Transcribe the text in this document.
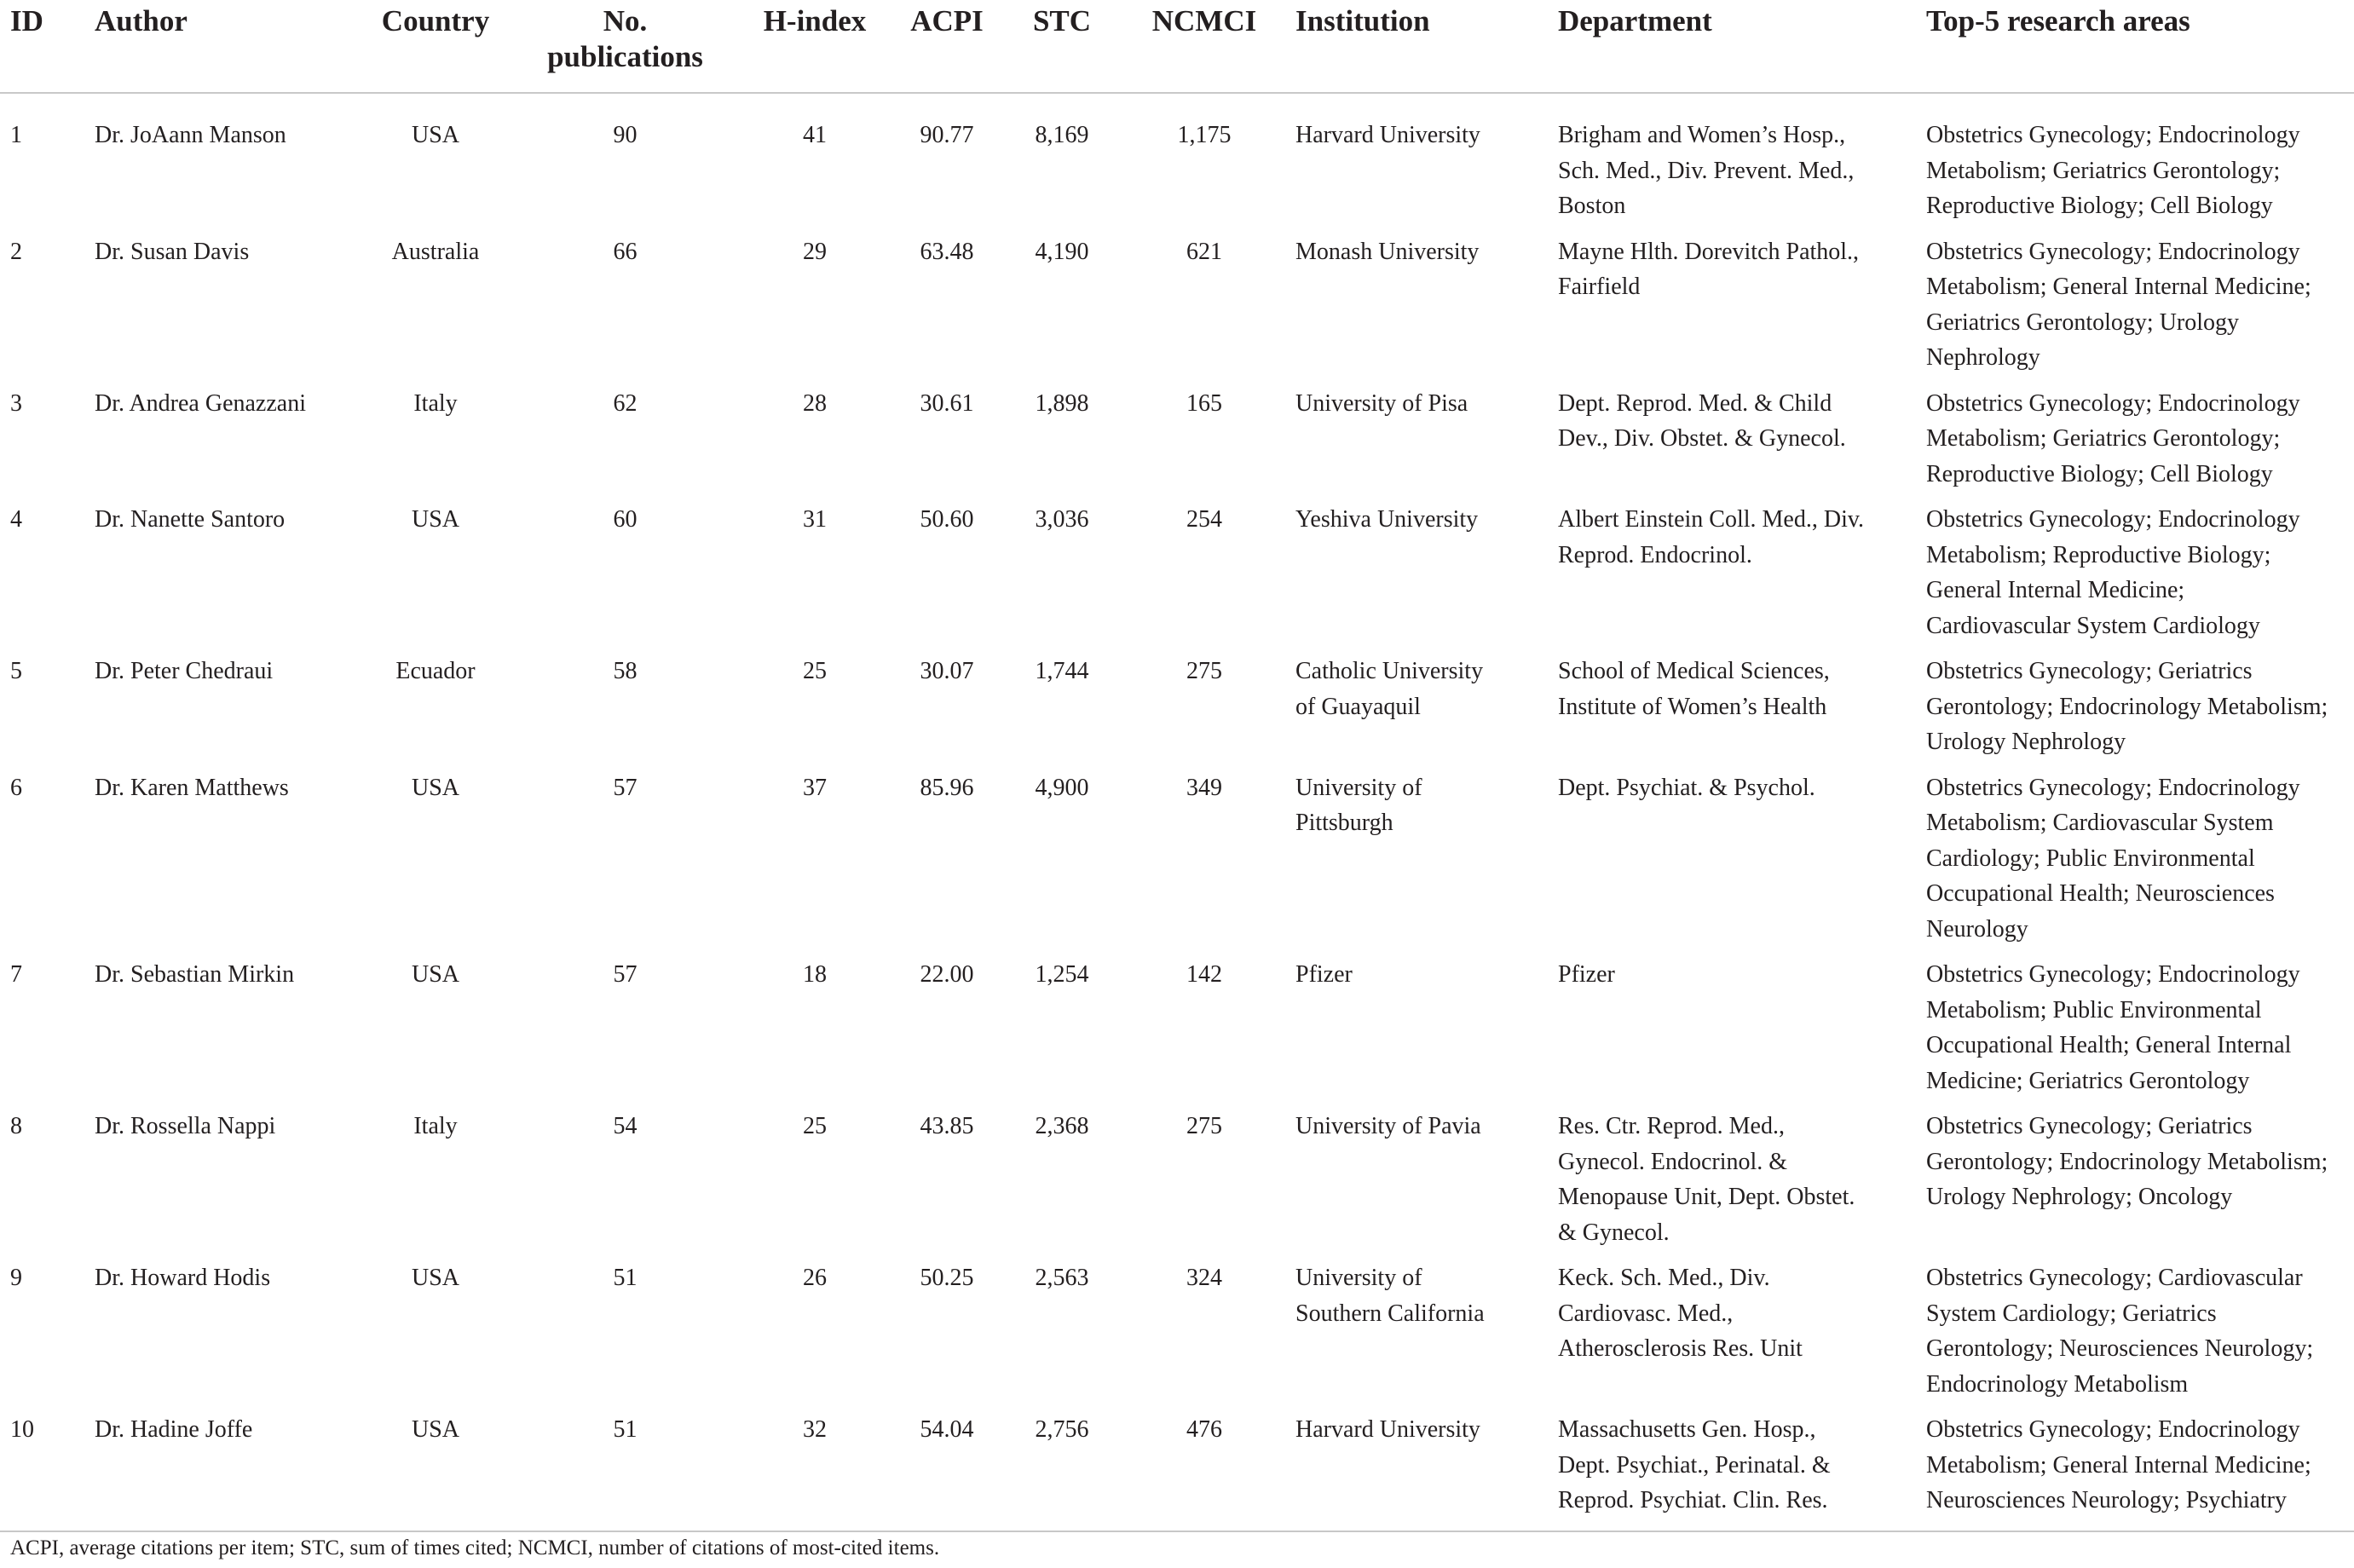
ID	Author	Country	No.
publications	H-index	ACPI	STC	NCMCI	Institution	Department	Top-5 research areas
1	Dr. JoAann Manson	USA	90	41	90.77	8,169	1,175	Harvard University	Brigham and Women’s Hosp.,
Sch. Med., Div. Prevent. Med.,
Boston	Obstetrics Gynecology; Endocrinology
Metabolism; Geriatrics Gerontology;
Reproductive Biology; Cell Biology

2	Dr. Susan Davis	Australia	66	29	63.48	4,190	621	Monash University	Mayne Hlth. Dorevitch Pathol.,
Fairfield	Obstetrics Gynecology; Endocrinology
Metabolism; General Internal Medicine;
Geriatrics Gerontology; Urology
Nephrology

3	Dr. Andrea Genazzani	Italy	62	28	30.61	1,898	165	University of Pisa	Dept. Reprod. Med. & Child
Dev., Div. Obstet. & Gynecol.	Obstetrics Gynecology; Endocrinology
Metabolism; Geriatrics Gerontology;
Reproductive Biology; Cell Biology

4	Dr. Nanette Santoro	USA	60	31	50.60	3,036	254	Yeshiva University	Albert Einstein Coll. Med., Div.
Reprod. Endocrinol.	Obstetrics Gynecology; Endocrinology
Metabolism; Reproductive Biology;
General Internal Medicine;
Cardiovascular System Cardiology

5	Dr. Peter Chedraui	Ecuador	58	25	30.07	1,744	275	Catholic University
of Guayaquil	School of Medical Sciences,
Institute of Women’s Health	Obstetrics Gynecology; Geriatrics
Gerontology; Endocrinology Metabolism;
Urology Nephrology

6	Dr. Karen Matthews	USA	57	37	85.96	4,900	349	University of
Pittsburgh	Dept. Psychiat. & Psychol.	Obstetrics Gynecology; Endocrinology
Metabolism; Cardiovascular System
Cardiology; Public Environmental
Occupational Health; Neurosciences
Neurology

7	Dr. Sebastian Mirkin	USA	57	18	22.00	1,254	142	Pfizer	Pfizer	Obstetrics Gynecology; Endocrinology
Metabolism; Public Environmental
Occupational Health; General Internal
Medicine; Geriatrics Gerontology

8	Dr. Rossella Nappi	Italy	54	25	43.85	2,368	275	University of Pavia	Res. Ctr. Reprod. Med.,
Gynecol. Endocrinol. &
Menopause Unit, Dept. Obstet.
& Gynecol.	Obstetrics Gynecology; Geriatrics
Gerontology; Endocrinology Metabolism;
Urology Nephrology; Oncology

9	Dr. Howard Hodis	USA	51	26	50.25	2,563	324	University of
Southern California	Keck. Sch. Med., Div.
Cardiovasc. Med.,
Atherosclerosis Res. Unit	Obstetrics Gynecology; Cardiovascular
System Cardiology; Geriatrics
Gerontology; Neurosciences Neurology;
Endocrinology Metabolism

10	Dr. Hadine Joffe	USA	51	32	54.04	2,756	476	Harvard University	Massachusetts Gen. Hosp.,
Dept. Psychiat., Perinatal. &
Reprod. Psychiat. Clin. Res.	Obstetrics Gynecology; Endocrinology
Metabolism; General Internal Medicine;
Neurosciences Neurology; Psychiatry
ACPI, average citations per item; STC, sum of times cited; NCMCI, number of citations of most-cited items.
